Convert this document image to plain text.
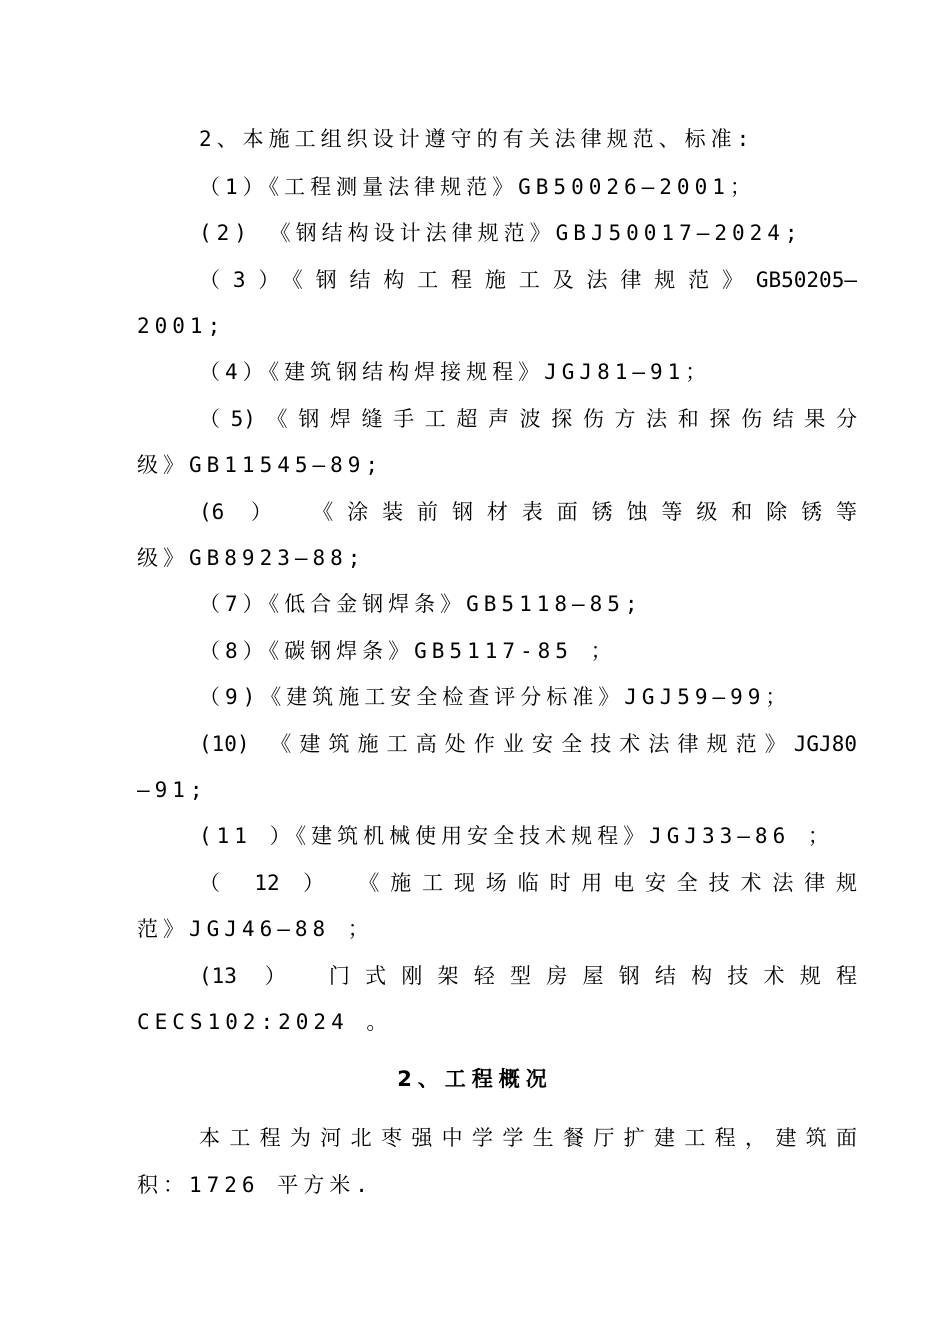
2、本施工组织设计遵守的有关法律规范、标准:
（1）《工程测量法律规范》GB50026—2001；
(2) 《钢结构设计法律规范》GBJ50017—2024;
（3）《钢结构工程施工及法律规范》GB50205—
2001;
（4）《建筑钢结构焊接规程》JGJ81—91；
（5)《钢焊缝手工超声波探伤方法和探伤结果分
级》GB11545—89;
(6 ） 《涂装前钢材表面锈蚀等级和除锈等
级》GB8923—88;
（7）《低合金钢焊条》GB5118—85;
（8）《碳钢焊条》GB5117-85 ；
（9)《建筑施工安全检查评分标准》JGJ59—99；
(10) 《建筑施工高处作业安全技术法律规范》JGJ80
—91;
(11 ）《建筑机械使用安全技术规程》JGJ33—86 ；
（ 12 ） 《施工现场临时用电安全技术法律规
范》JGJ46—88 ；
(13 ） 门式刚架轻型房屋钢结构技术规程
CECS102:2024 。
2、工程概况
本工程为河北枣强中学学生餐厅扩建工程，建筑面
积：1726 平方米.
